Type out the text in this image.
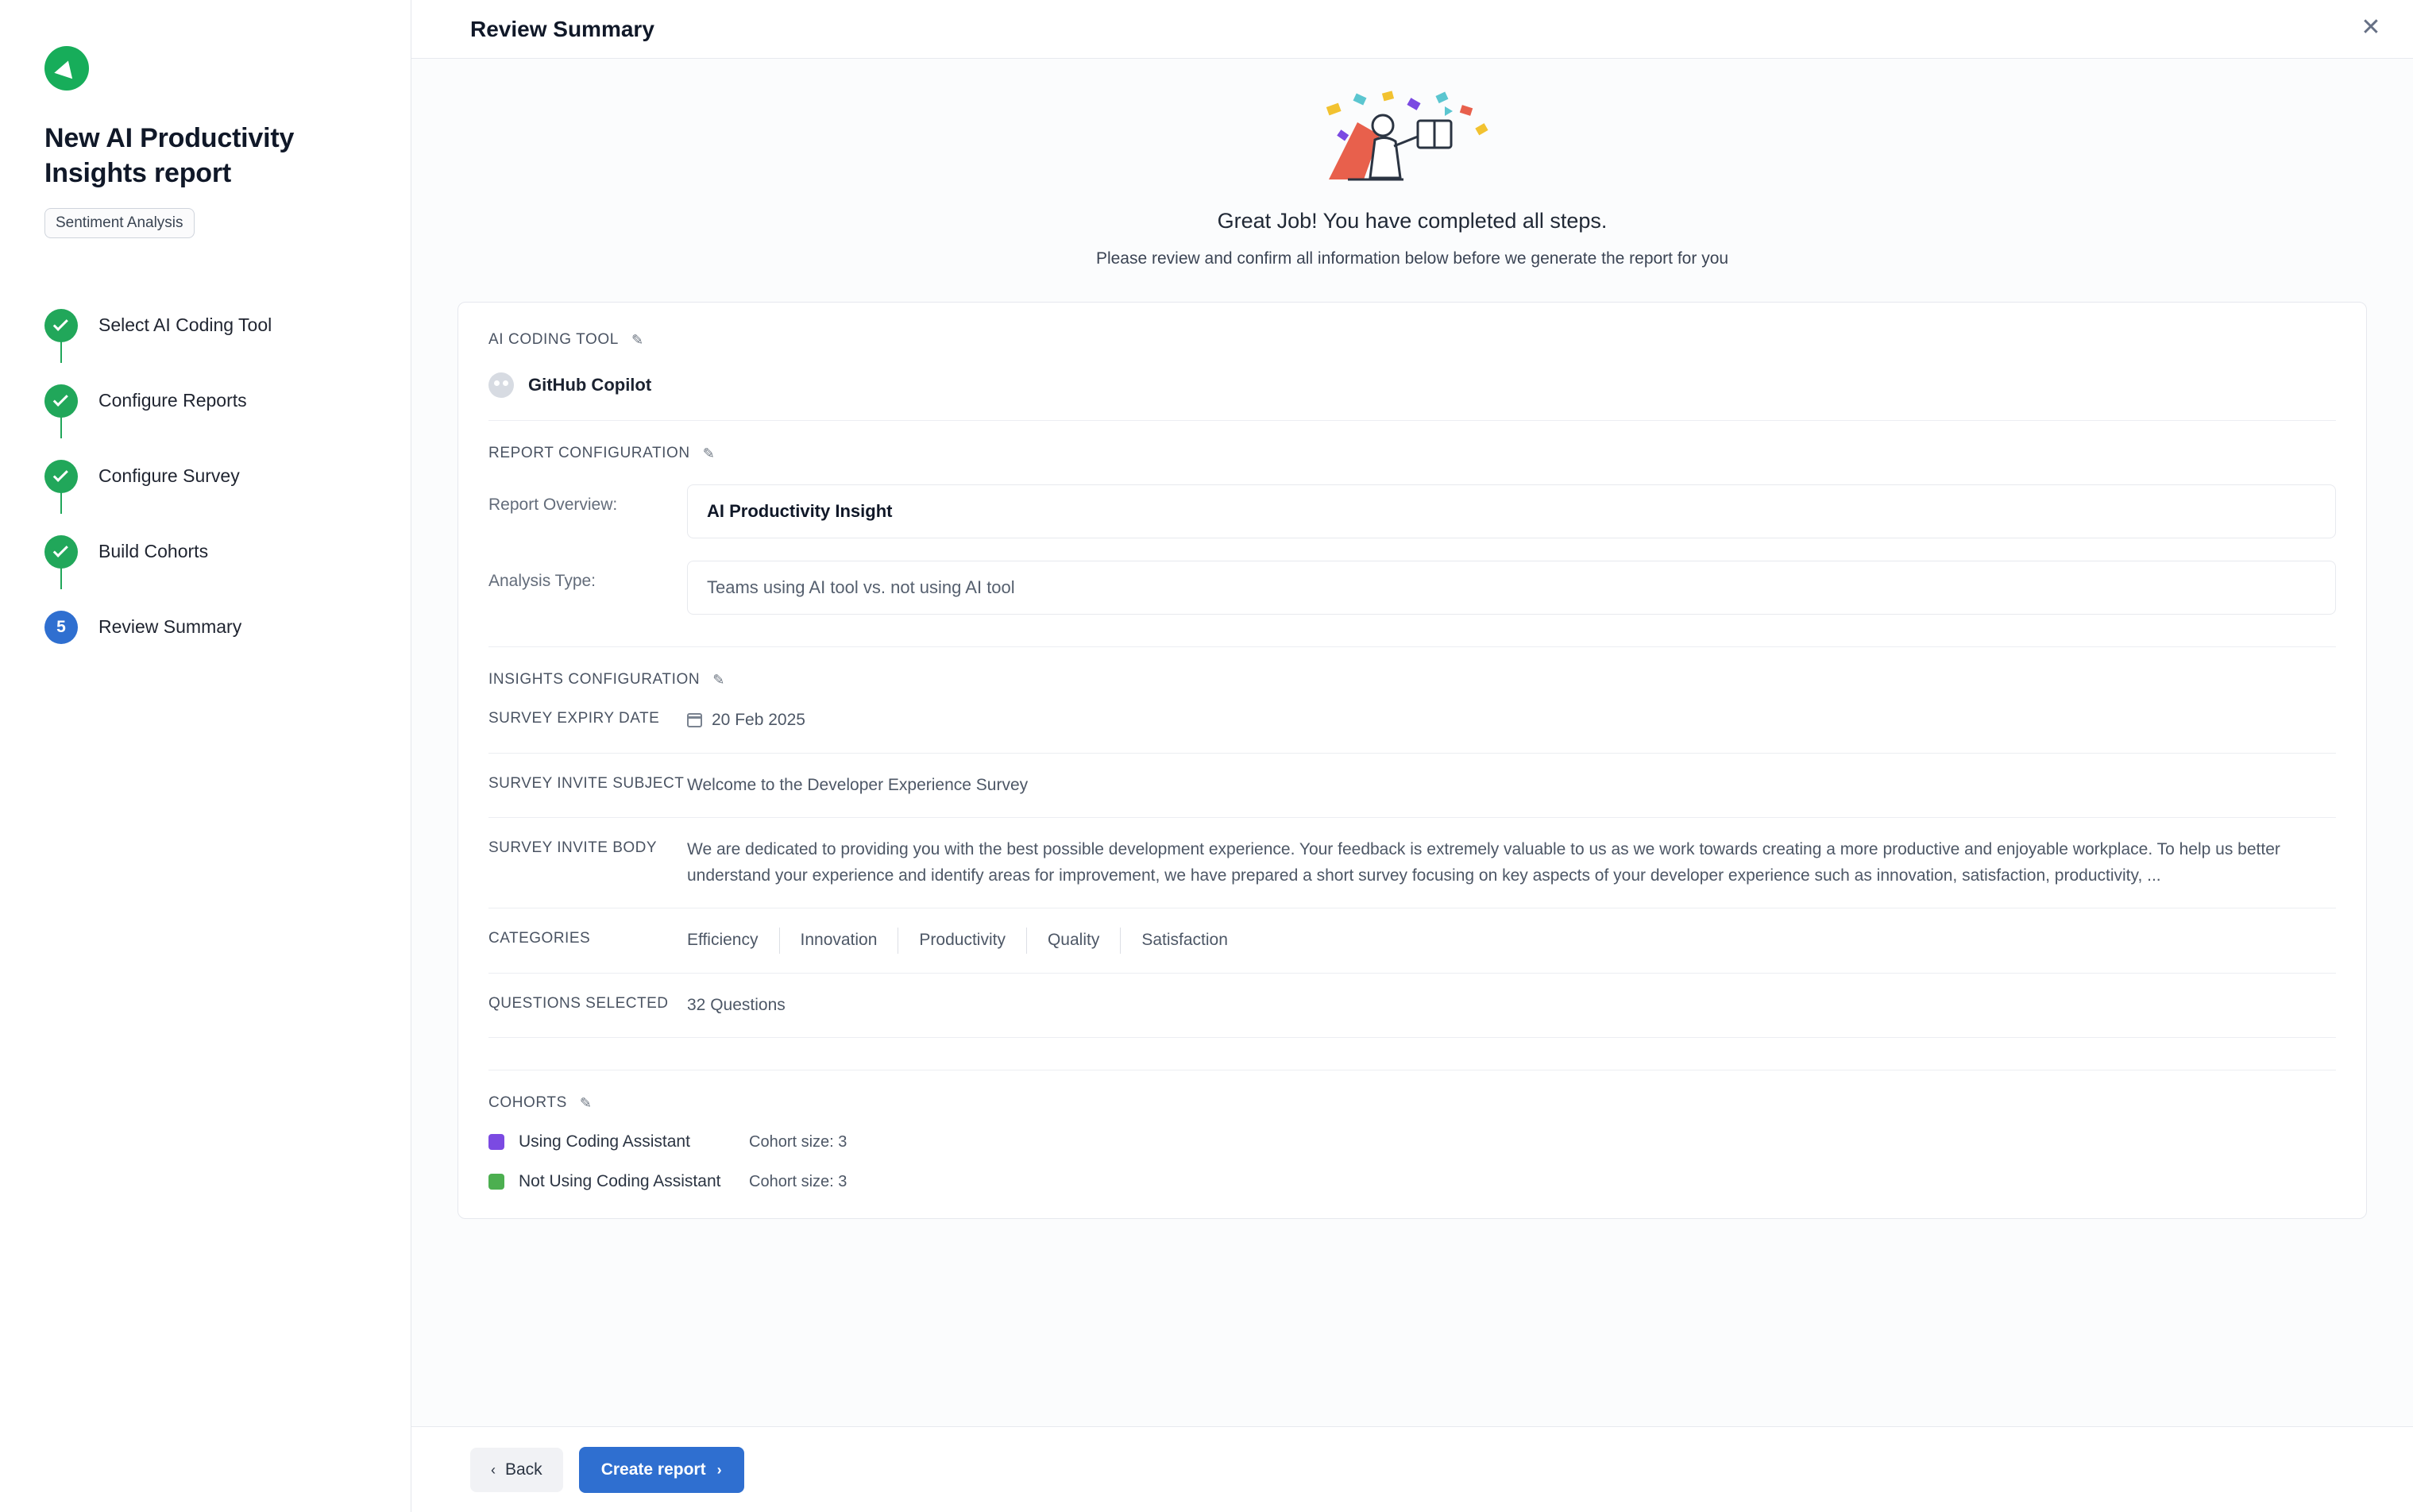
New AI Productivity Insights report
Sentiment Analysis
Select AI Coding Tool
Configure Reports
Configure Survey
Build Cohorts
5	Review Summary
Review Summary	✕
Great Job! You have completed all steps.
Please review and confirm all information below before we generate the report for you
AI CODING TOOL ✎
GitHub Copilot
REPORT CONFIGURATION ✎
Report Overview:	AI Productivity Insight
Analysis Type:	Teams using AI tool vs. not using AI tool
INSIGHTS CONFIGURATION ✎
SURVEY EXPIRY DATE	20 Feb 2025
SURVEY INVITE SUBJECT Welcome to the Developer Experience Survey
SURVEY INVITE BODY	We are dedicated to providing you with the best possible development experience. Your feedback is extremely valuable to us as we work towards creating a more productive and enjoyable workplace. To help us better understand your experience and identify areas for improvement, we have prepared a short survey focusing on key aspects of your developer experience such as innovation, satisfaction, productivity, ...
CATEGORIES	Efficiency	Innovation	Productivity	Quality	Satisfaction
QUESTIONS SELECTED	32 Questions
COHORTS ✎
Using Coding Assistant	Cohort size: 3
Not Using Coding Assistant	Cohort size: 3
‹ Back	Create report ›
